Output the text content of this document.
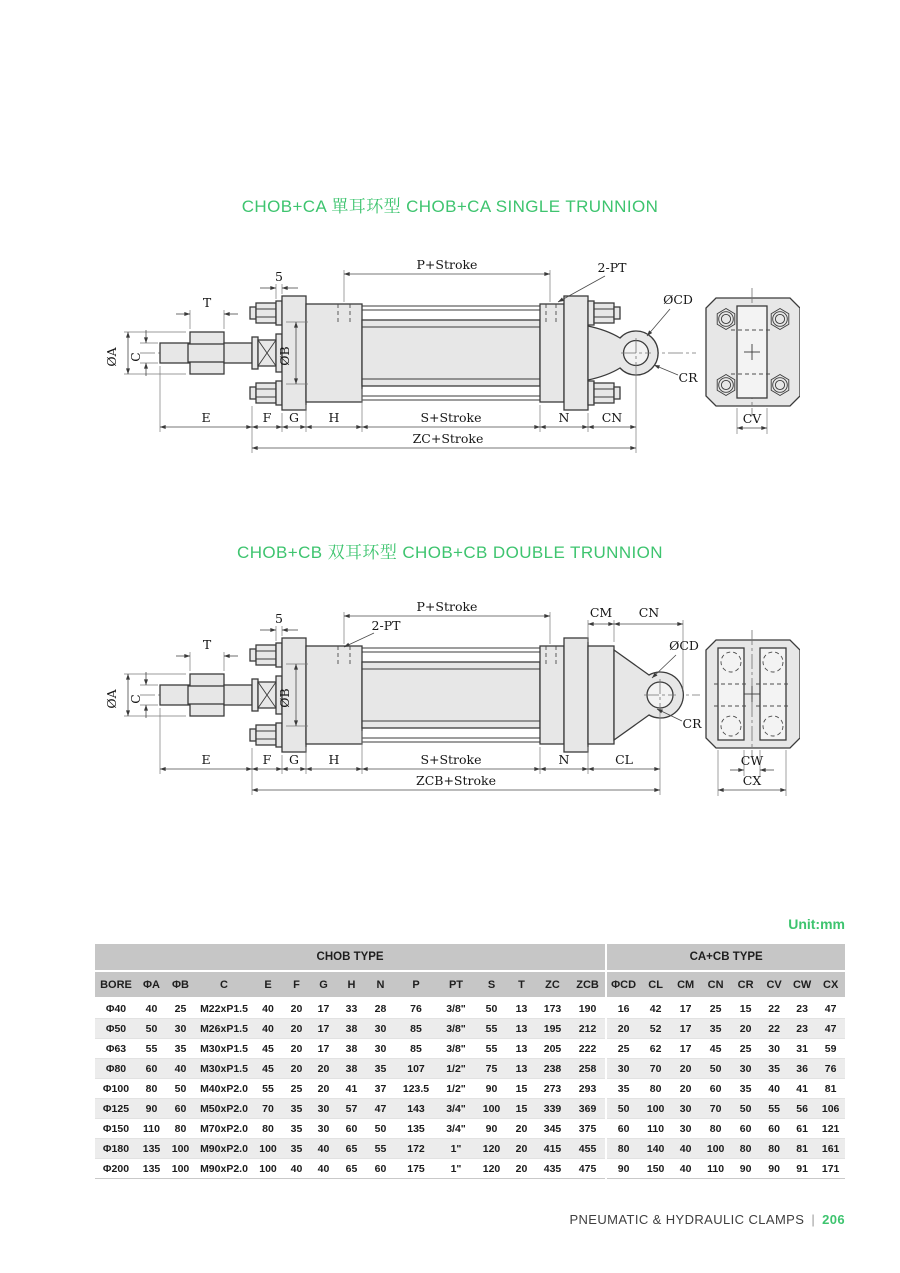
CHOB+CA 單耳环型 CHOB+CA SINGLE TRUNNION
5
P+Stroke	2-PT
T
ØA C	ØB
E	F G H	S+Stroke	N	CN
ZC+Stroke
ØCD
CR
CV
CHOB+CB 双耳环型 CHOB+CB DOUBLE TRUNNION
5
P+Stroke
2-PT
T
ØA C	ØB
CM CN
E	F G H	S+Stroke	N	CL
ZCB+Stroke
ØCD
CR
CW
CX
Unit:mm
CHOB TYPE															CA+CB TYPE							
BORE	ΦA	ΦB	C	E	F	G	H	N	P	PT	S	T	ZC	ZCB	ΦCD	CL	CM	CN	CR	CV	CW	CX
Φ40	40	25	M22xP1.5	40	20	17	33	28	76	3/8"	50	13	173	190	16	42	17	25	15	22	23	47
Φ50	50	30	M26xP1.5	40	20	17	38	30	85	3/8"	55	13	195	212	20	52	17	35	20	22	23	47
Φ63	55	35	M30xP1.5	45	20	17	38	30	85	3/8"	55	13	205	222	25	62	17	45	25	30	31	59
Φ80	60	40	M30xP1.5	45	20	20	38	35	107	1/2"	75	13	238	258	30	70	20	50	30	35	36	76
Φ100	80	50	M40xP2.0	55	25	20	41	37	123.5	1/2"	90	15	273	293	35	80	20	60	35	40	41	81
Φ125	90	60	M50xP2.0	70	35	30	57	47	143	3/4"	100	15	339	369	50	100	30	70	50	55	56	106
Φ150	110	80	M70xP2.0	80	35	30	60	50	135	3/4"	90	20	345	375	60	110	30	80	60	60	61	121
Φ180	135	100	M90xP2.0	100	35	40	65	55	172	1"	120	20	415	455	80	140	40	100	80	80	81	161
Φ200	135	100	M90xP2.0	100	40	40	65	60	175	1"	120	20	435	475	90	150	40	110	90	90	91	171
PNEUMATIC & HYDRAULIC CLAMPS | 206
